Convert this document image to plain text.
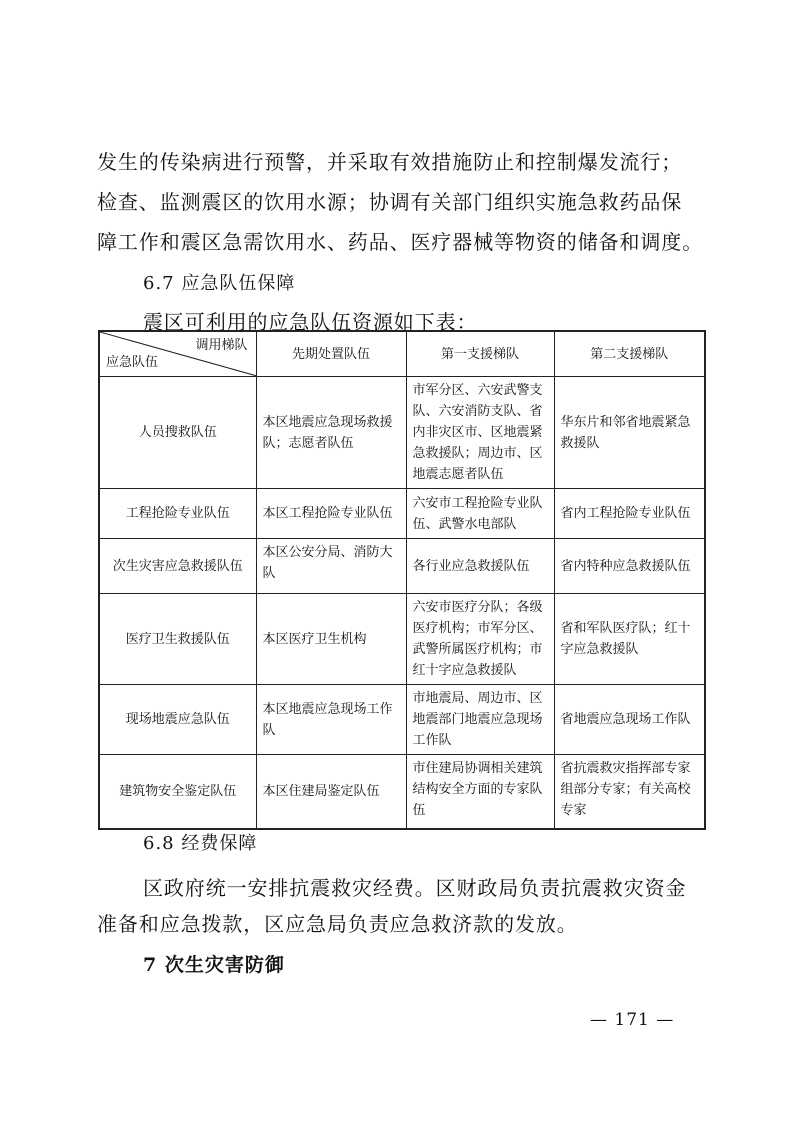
发生的传染病进行预警，并采取有效措施防止和控制爆发流行；

检查、监测震区的饮用水源；协调有关部门组织实施急救药品保

障工作和震区急需饮用水、药品、医疗器械等物资的储备和调度。

6.7 应急队伍保障

震区可利用的应急队伍资源如下表：

调用梯队
应急队伍	先期处置队伍	第一支援梯队	第二支援梯队
人员搜救队伍	本区地震应急现场救援队；志愿者队伍	市军分区、六安武警支队、六安消防支队、省内非灾区市、区地震紧急救援队；周边市、区地震志愿者队伍	华东片和邻省地震紧急救援队
工程抢险专业队伍	本区工程抢险专业队伍	六安市工程抢险专业队伍、武警水电部队	省内工程抢险专业队伍
次生灾害应急救援队伍	本区公安分局、消防大队	各行业应急救援队伍	省内特种应急救援队伍
医疗卫生救援队伍	本区医疗卫生机构	六安市医疗分队；各级医疗机构；市军分区、武警所属医疗机构；市红十字应急救援队	省和军队医疗队；红十字应急救援队
现场地震应急队伍	本区地震应急现场工作队	市地震局、周边市、区地震部门地震应急现场工作队	省地震应急现场工作队
建筑物安全鉴定队伍	本区住建局鉴定队伍	市住建局协调相关建筑结构安全方面的专家队伍	省抗震救灾指挥部专家组部分专家；有关高校专家

6.8 经费保障

区政府统一安排抗震救灾经费。区财政局负责抗震救灾资金

准备和应急拨款，区应急局负责应急救济款的发放。

7 次生灾害防御

— 171 —
